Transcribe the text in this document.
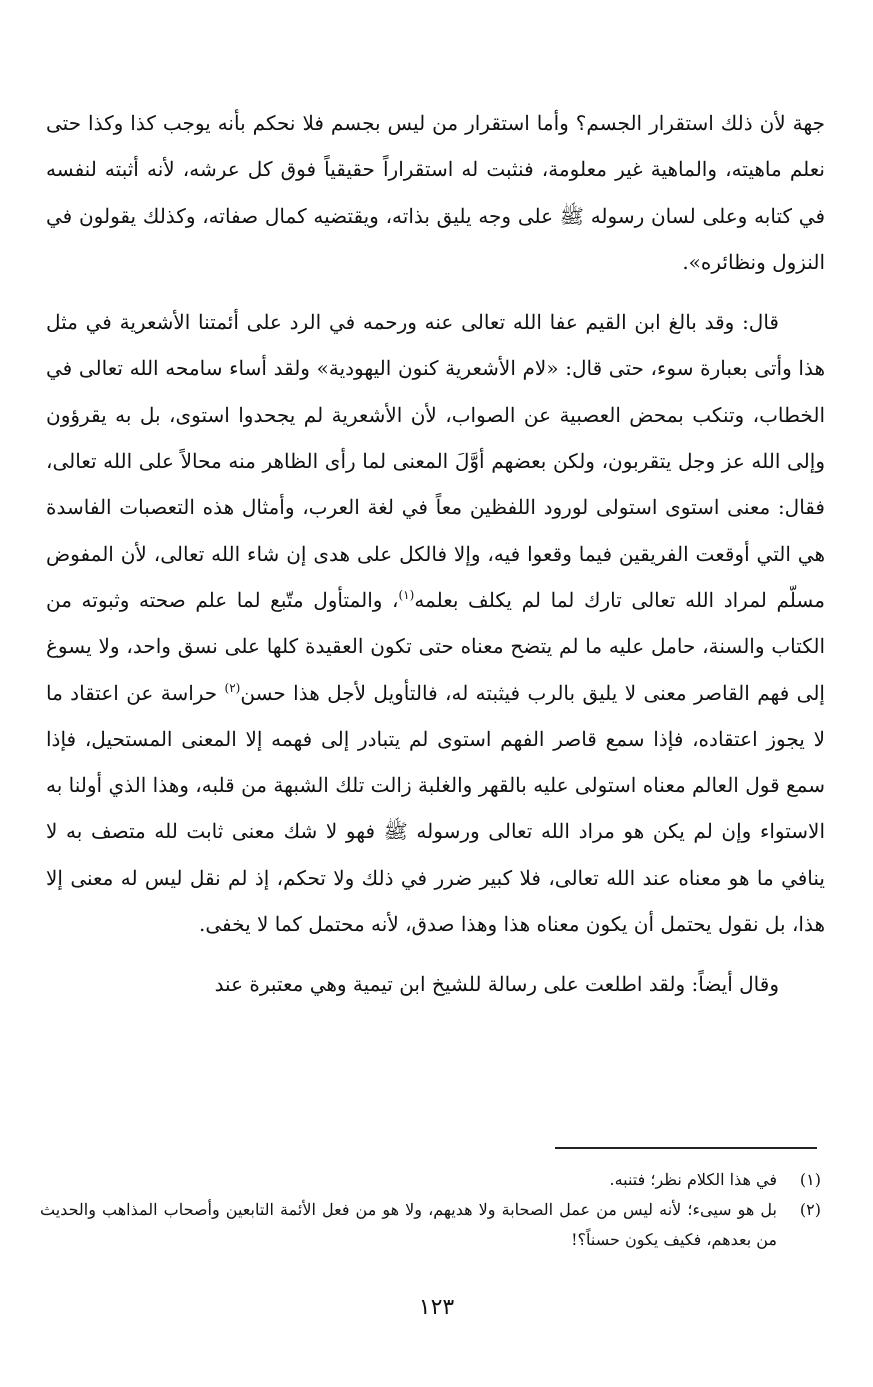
جهة لأن ذلك استقرار الجسم؟ وأما استقرار من ليس بجسم فلا نحكم بأنه يوجب كذا وكذا حتى نعلم ماهيته، والماهية غير معلومة، فنثبت له استقراراً حقيقياً فوق كل عرشه، لأنه أثبته لنفسه في كتابه وعلى لسان رسوله ﷺ على وجه يليق بذاته، ويقتضيه كمال صفاته، وكذلك يقولون في النزول ونظائره».

قال: وقد بالغ ابن القيم عفا الله تعالى عنه ورحمه في الرد على أئمتنا الأشعرية في مثل هذا وأتى بعبارة سوء، حتى قال: «لام الأشعرية كنون اليهودية» ولقد أساء سامحه الله تعالى في الخطاب، وتنكب بمحض العصبية عن الصواب، لأن الأشعرية لم يجحدوا استوى، بل به يقرؤون وإلى الله عز وجل يتقربون، ولكن بعضهم أوَّلَ المعنى لما رأى الظاهر منه محالاً على الله تعالى، فقال: معنى استوى استولى لورود اللفظين معاً في لغة العرب، وأمثال هذه التعصبات الفاسدة هي التي أوقعت الفريقين فيما وقعوا فيه، وإلا فالكل على هدى إن شاء الله تعالى، لأن المفوض مسلّم لمراد الله تعالى تارك لما لم يكلف بعلمه$^{(١)}$، والمتأول متّبع لما علم صحته وثبوته من الكتاب والسنة، حامل عليه ما لم يتضح معناه حتى تكون العقيدة كلها على نسق واحد، ولا يسوغ إلى فهم القاصر معنى لا يليق بالرب فيثبته له، فالتأويل لأجل هذا حسن$^{(٢)}$ حراسة عن اعتقاد ما لا يجوز اعتقاده، فإذا سمع قاصر الفهم استوى لم يتبادر إلى فهمه إلا المعنى المستحيل، فإذا سمع قول العالم معناه استولى عليه بالقهر والغلبة زالت تلك الشبهة من قلبه، وهذا الذي أولنا به الاستواء وإن لم يكن هو مراد الله تعالى ورسوله ﷺ فهو لا شك معنى ثابت لله متصف به لا ينافي ما هو معناه عند الله تعالى، فلا كبير ضرر في ذلك ولا تحكم، إذ لم نقل ليس له معنى إلا هذا، بل نقول يحتمل أن يكون معناه هذا وهذا صدق، لأنه محتمل كما لا يخفى.

وقال أيضاً: ولقد اطلعت على رسالة للشيخ ابن تيمية وهي معتبرة عند

(١)
في هذا الكلام نظر؛ فتنبه.
(٢)
بل هو سيىء؛ لأنه ليس من عمل الصحابة ولا هديهم، ولا هو من فعل الأئمة التابعين وأصحاب المذاهب والحديث من بعدهم، فكيف يكون حسناً؟!
١٢٣
